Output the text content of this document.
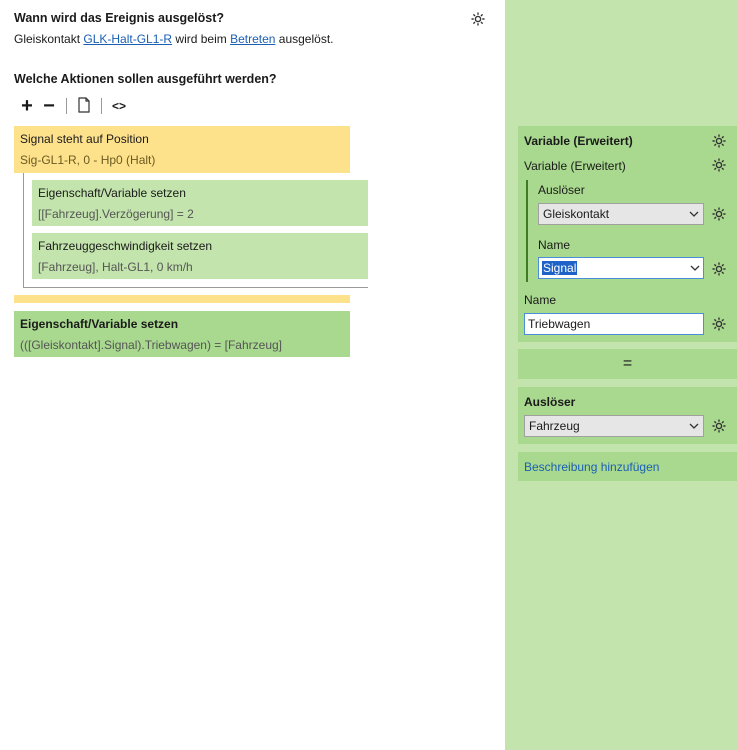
Wann wird das Ereignis ausgelöst?
Gleiskontakt GLK-Halt-GL1-R wird beim Betreten ausgelöst.
Welche Aktionen sollen ausgeführt werden?
+ −	<>
Signal steht auf Position
Sig-GL1-R, 0 - Hp0 (Halt)
Eigenschaft/Variable setzen
[[Fahrzeug].Verzögerung] = 2
Fahrzeuggeschwindigkeit setzen
[Fahrzeug], Halt-GL1, 0 km/h
Eigenschaft/Variable setzen
(([Gleiskontakt].Signal).Triebwagen) = [Fahrzeug]
Variable (Erweitert)
Variable (Erweitert)
Auslöser
Gleiskontakt
Name
Signal
Name
Triebwagen
=
Auslöser
Fahrzeug
Beschreibung hinzufügen
